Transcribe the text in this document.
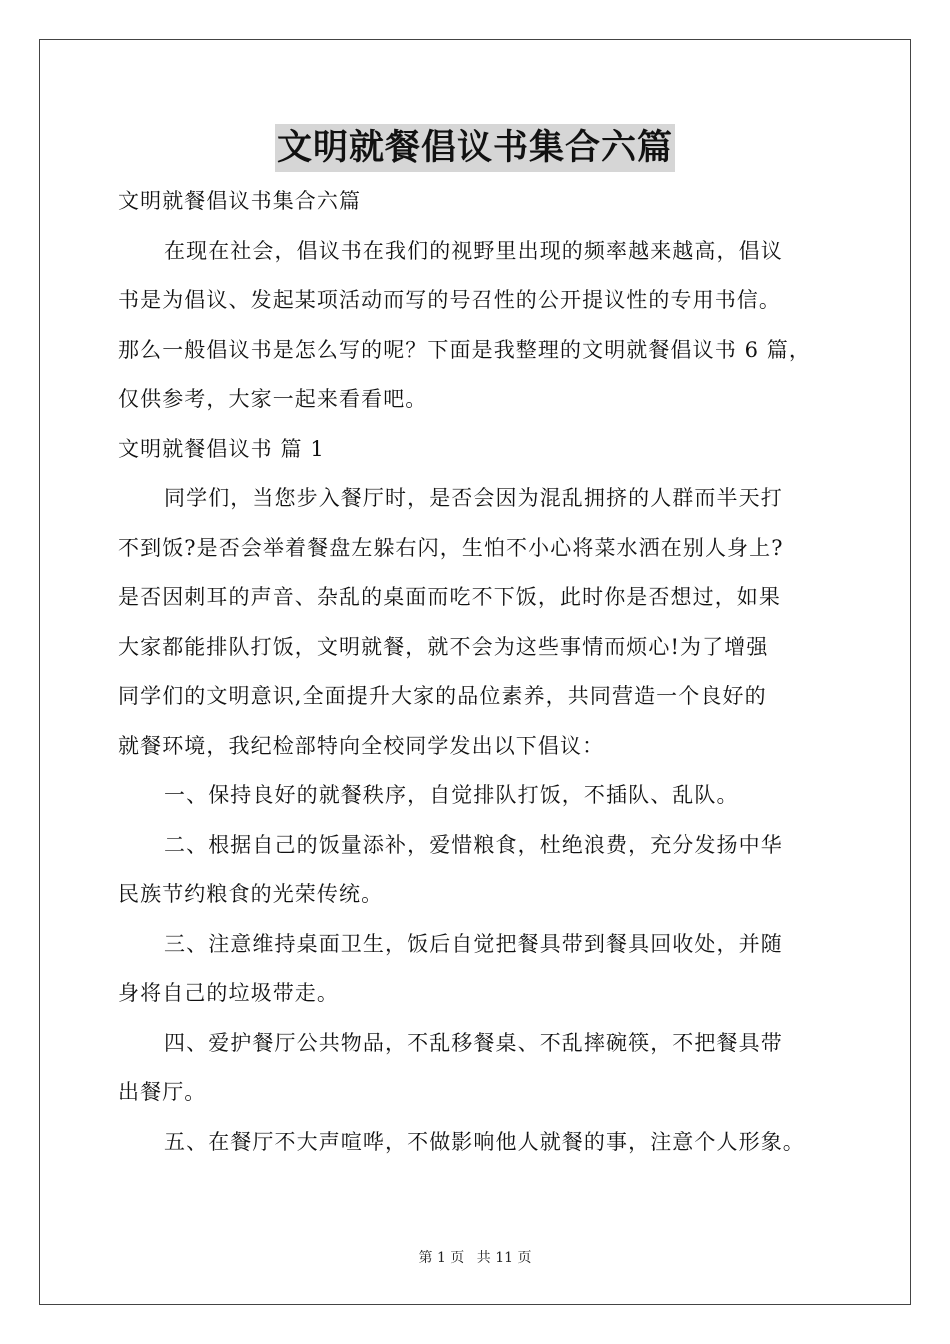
文明就餐倡议书集合六篇
文明就餐倡议书集合六篇
在现在社会，倡议书在我们的视野里出现的频率越来越高，倡议
书是为倡议、发起某项活动而写的号召性的公开提议性的专用书信。
那么一般倡议书是怎么写的呢？下面是我整理的文明就餐倡议书 6 篇，
仅供参考，大家一起来看看吧。
文明就餐倡议书 篇 1
同学们，当您步入餐厅时，是否会因为混乱拥挤的人群而半天打
不到饭?是否会举着餐盘左躲右闪，生怕不小心将菜水洒在别人身上?
是否因刺耳的声音、杂乱的桌面而吃不下饭，此时你是否想过，如果
大家都能排队打饭，文明就餐，就不会为这些事情而烦心!为了增强
同学们的文明意识,全面提升大家的品位素养，共同营造一个良好的
就餐环境，我纪检部特向全校同学发出以下倡议：
一、保持良好的就餐秩序，自觉排队打饭，不插队、乱队。
二、根据自己的饭量添补，爱惜粮食，杜绝浪费，充分发扬中华
民族节约粮食的光荣传统。
三、注意维持桌面卫生，饭后自觉把餐具带到餐具回收处，并随
身将自己的垃圾带走。
四、爱护餐厅公共物品，不乱移餐桌、不乱摔碗筷，不把餐具带
出餐厅。
五、在餐厅不大声喧哗，不做影响他人就餐的事，注意个人形象。
第 1 页 共 11 页
